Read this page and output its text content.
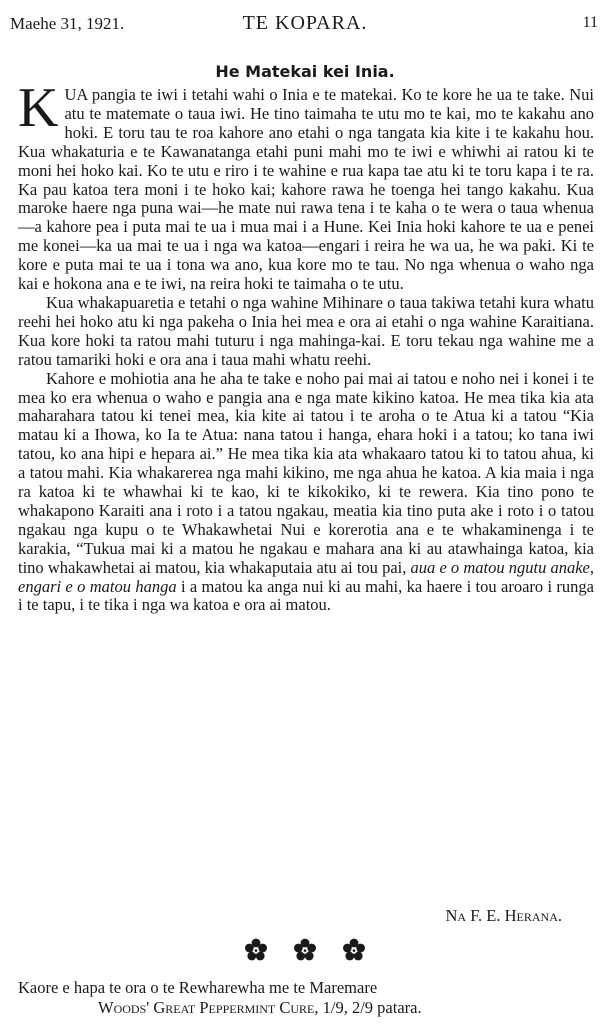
Maehe 31, 1921.	TE KOPARA.	11
He Matekai kei Inia.

KUA pangia te iwi i tetahi wahi o Inia e te matekai. Ko te kore he ua te take. Nui atu te matemate o taua iwi. He tino taimaha te utu mo te kai, mo te kakahu ano hoki. E toru tau te roa kahore ano etahi o nga tangata kia kite i te kakahu hou. Kua whakaturia e te Kawanatanga etahi puni mahi mo te iwi e whiwhi ai ratou ki te moni hei hoko kai. Ko te utu e riro i te wahine e rua kapa tae atu ki te toru kapa i te ra. Ka pau katoa tera moni i te hoko kai; kahore rawa he toenga hei tango kakahu. Kua maroke haere nga puna wai—he mate nui rawa tena i te kaha o te wera o taua whenua—a kahore pea i puta mai te ua i mua mai i a Hune. Kei Inia hoki kahore te ua e penei me konei—ka ua mai te ua i nga wa katoa—engari i reira he wa ua, he wa paki. Ki te kore e puta mai te ua i tona wa ano, kua kore mo te tau. No nga whenua o waho nga kai e hokona ana e te iwi, na reira hoki te taimaha o te utu.

Kua whakapuaretia e tetahi o nga wahine Mihinare o taua takiwa tetahi kura whatu reehi hei hoko atu ki nga pakeha o Inia hei mea e ora ai etahi o nga wahine Karaitiana. Kua kore hoki ta ratou mahi tuturu i nga mahinga-kai. E toru tekau nga wahine me a ratou tamariki hoki e ora ana i taua mahi whatu reehi.

Kahore e mohiotia ana he aha te take e noho pai mai ai tatou e noho nei i konei i te mea ko era whenua o waho e pangia ana e nga mate kikino katoa. He mea tika kia ata maharahara tatou ki tenei mea, kia kite ai tatou i te aroha o te Atua ki a tatou “Kia matau ki a Ihowa, ko Ia te Atua: nana tatou i hanga, ehara hoki i a tatou; ko tana iwi tatou, ko ana hipi e hepara ai.” He mea tika kia ata whakaaro tatou ki to tatou ahua, ki a tatou mahi. Kia whakarerea nga mahi kikino, me nga ahua he katoa. A kia maia i nga ra katoa ki te whawhai ki te kao, ki te kikokiko, ki te rewera. Kia tino pono te whakapono Karaiti ana i roto i a tatou ngakau, meatia kia tino puta ake i roto i o tatou ngakau nga kupu o te Whakawhetai Nui e korerotia ana e te whakaminenga i te karakia, “Tukua mai ki a matou he ngakau e mahara ana ki au atawhainga katoa, kia tino whakawhetai ai matou, kia whakaputaia atu ai tou pai, aua e o matou ngutu anake, engari e o matou hanga i a matou ka anga nui ki au mahi, ka haere i tou aroaro i runga i te tapu, i te tika i nga wa katoa e ora ai matou.

Na F. E. Herana.

Kaore e hapa te ora o te Rewharewha me te Maremare
Woods' Great Peppermint Cure, 1/9, 2/9 patara.
